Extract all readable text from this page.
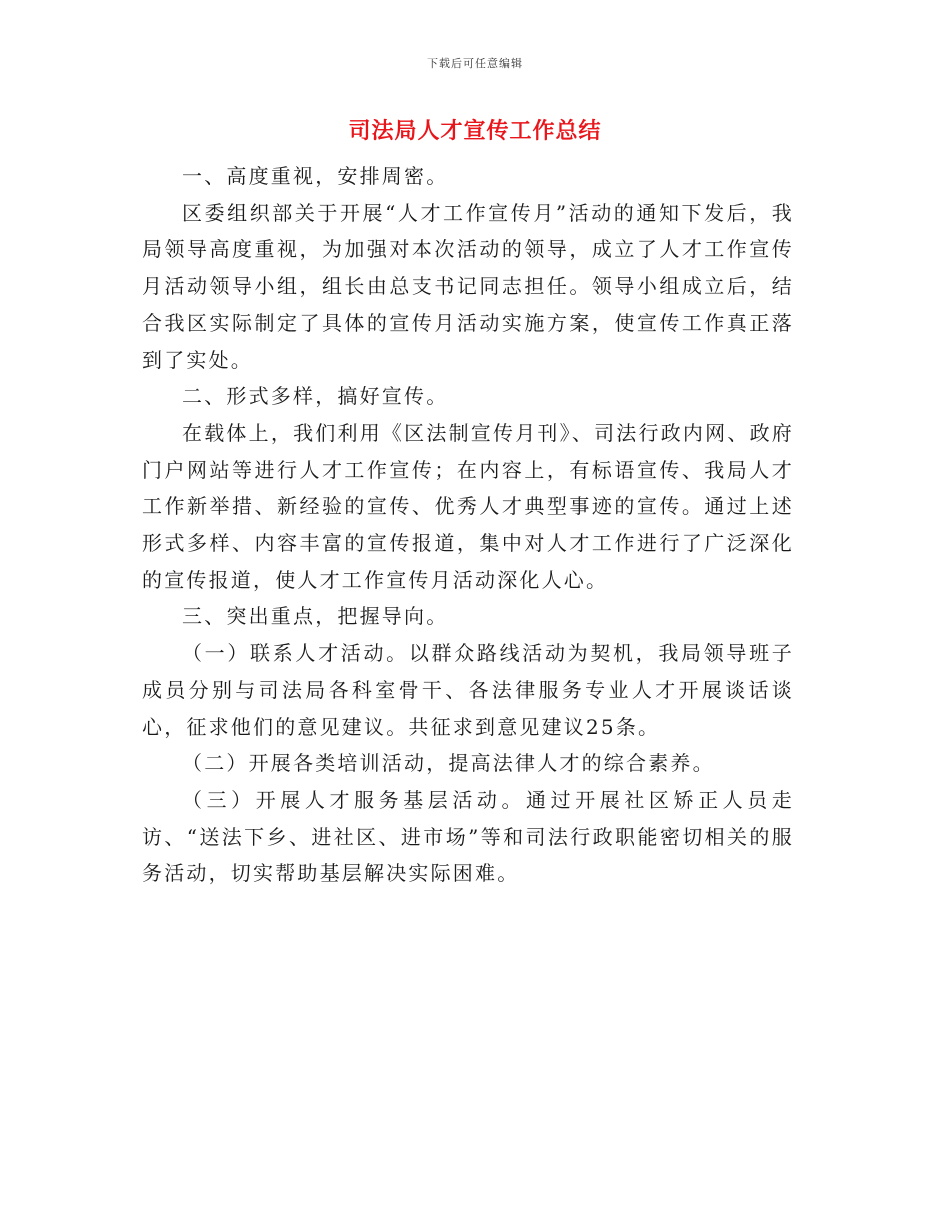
下载后可任意编辑
司法局人才宣传工作总结

一、高度重视，安排周密。

区委组织部关于开展“人才工作宣传月”活动的通知下发后，我局领导高度重视，为加强对本次活动的领导，成立了人才工作宣传月活动领导小组，组长由总支书记同志担任。领导小组成立后，结合我区实际制定了具体的宣传月活动实施方案，使宣传工作真正落到了实处。

二、形式多样，搞好宣传。

在载体上，我们利用《区法制宣传月刊》、司法行政内网、政府门户网站等进行人才工作宣传；在内容上，有标语宣传、我局人才工作新举措、新经验的宣传、优秀人才典型事迹的宣传。通过上述形式多样、内容丰富的宣传报道，集中对人才工作进行了广泛深化的宣传报道，使人才工作宣传月活动深化人心。

三、突出重点，把握导向。

（一）联系人才活动。以群众路线活动为契机，我局领导班子成员分别与司法局各科室骨干、各法律服务专业人才开展谈话谈心，征求他们的意见建议。共征求到意见建议25条。

（二）开展各类培训活动，提高法律人才的综合素养。

（三）开展人才服务基层活动。通过开展社区矫正人员走访、“送法下乡、进社区、进市场”等和司法行政职能密切相关的服务活动，切实帮助基层解决实际困难。
